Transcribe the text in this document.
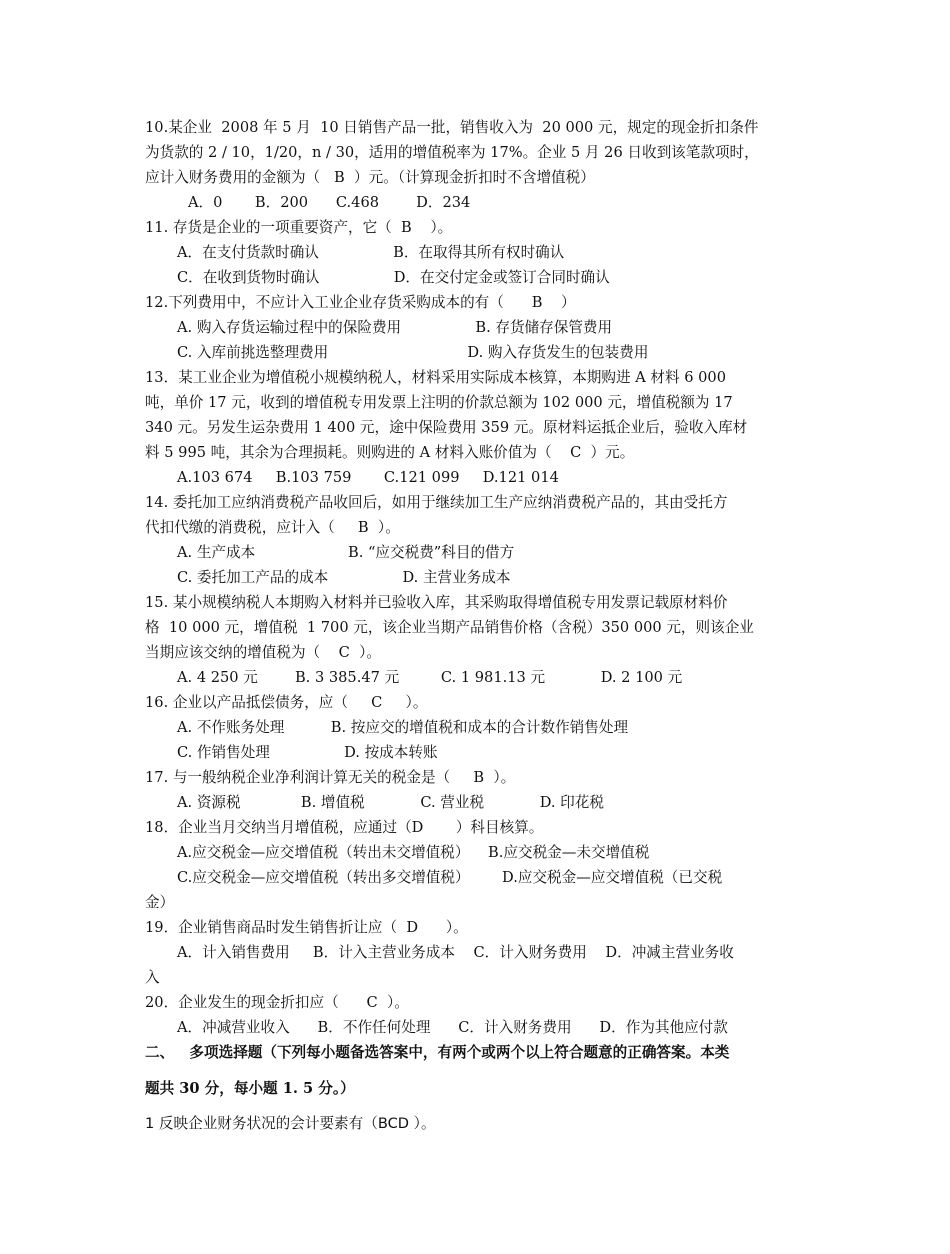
10.某企业  2008 年 5 月  10 日销售产品一批，销售收入为  20 000 元，规定的现金折扣条件
为货款的 2 / 10，1/20，n / 30，适用的增值税率为 17%。企业 5 月 26 日收到该笔款项时，
应计入财务费用的金额为（   B  ）元。（计算现金折扣时不含增值税）
A．0       B．200      C.468        D．234
11. 存货是企业的一项重要资产，它（  B    ）。
A．在支付货款时确认                B．在取得其所有权时确认
C．在收到货物时确认                D．在交付定金或签订合同时确认
12.下列费用中，不应计入工业企业存货采购成本的有（      B    ）
A. 购入存货运输过程中的保险费用                B. 存货储存保管费用
C. 入库前挑选整理费用                              D. 购入存货发生的包装费用
13．某工业企业为增值税小规模纳税人，材料采用实际成本核算，本期购进 A 材料 6 000
吨，单价 17 元，收到的增值税专用发票上注明的价款总额为 102 000 元，增值税额为 17
340 元。另发生运杂费用 1 400 元，途中保险费用 359 元。原材料运抵企业后，验收入库材
料 5 995 吨，其余为合理损耗。则购进的 A 材料入账价值为（    C  ）元。
A.103 674     B.103 759       C.121 099     D.121 014
14. 委托加工应纳消费税产品收回后，如用于继续加工生产应纳消费税产品的，其由受托方
代扣代缴的消费税，应计入（     B  ）。
A. 生产成本                    B. “应交税费”科目的借方
C. 委托加工产品的成本                D. 主营业务成本
15. 某小规模纳税人本期购入材料并已验收入库，其采购取得增值税专用发票记载原材料价
格  10 000 元，增值税  1 700 元，该企业当期产品销售价格（含税）350 000 元，则该企业
当期应该交纳的增值税为（    C  ）。
A. 4 250 元        B. 3 385.47 元         C. 1 981.13 元            D. 2 100 元
16. 企业以产品抵偿债务，应（     C     ）。
A. 不作账务处理          B. 按应交的增值税和成本的合计数作销售处理
C. 作销售处理                D. 按成本转账
17. 与一般纳税企业净利润计算无关的税金是（     B  ）。
A. 资源税             B. 增值税            C. 营业税            D. 印花税
18．企业当月交纳当月增值税，应通过（D       ）科目核算。
A.应交税金—应交增值税（转出未交增值税）    B.应交税金—未交增值税
C.应交税金—应交增值税（转出多交增值税）       D.应交税金—应交增值税（已交税
金）
19．企业销售商品时发生销售折让应（  D      ）。
A．计入销售费用     B．计入主营业务成本    C．计入财务费用    D．冲减主营业务收
入
20．企业发生的现金折扣应（      C  ）。
A．冲减营业收入      B．不作任何处理      C．计入财务费用      D．作为其他应付款
二、   多项选择题（下列每小题备选答案中，有两个或两个以上符合题意的正确答案。本类
题共 30 分，每小题 1. 5 分。）
1 反映企业财务状况的会计要素有（BCD ）。
